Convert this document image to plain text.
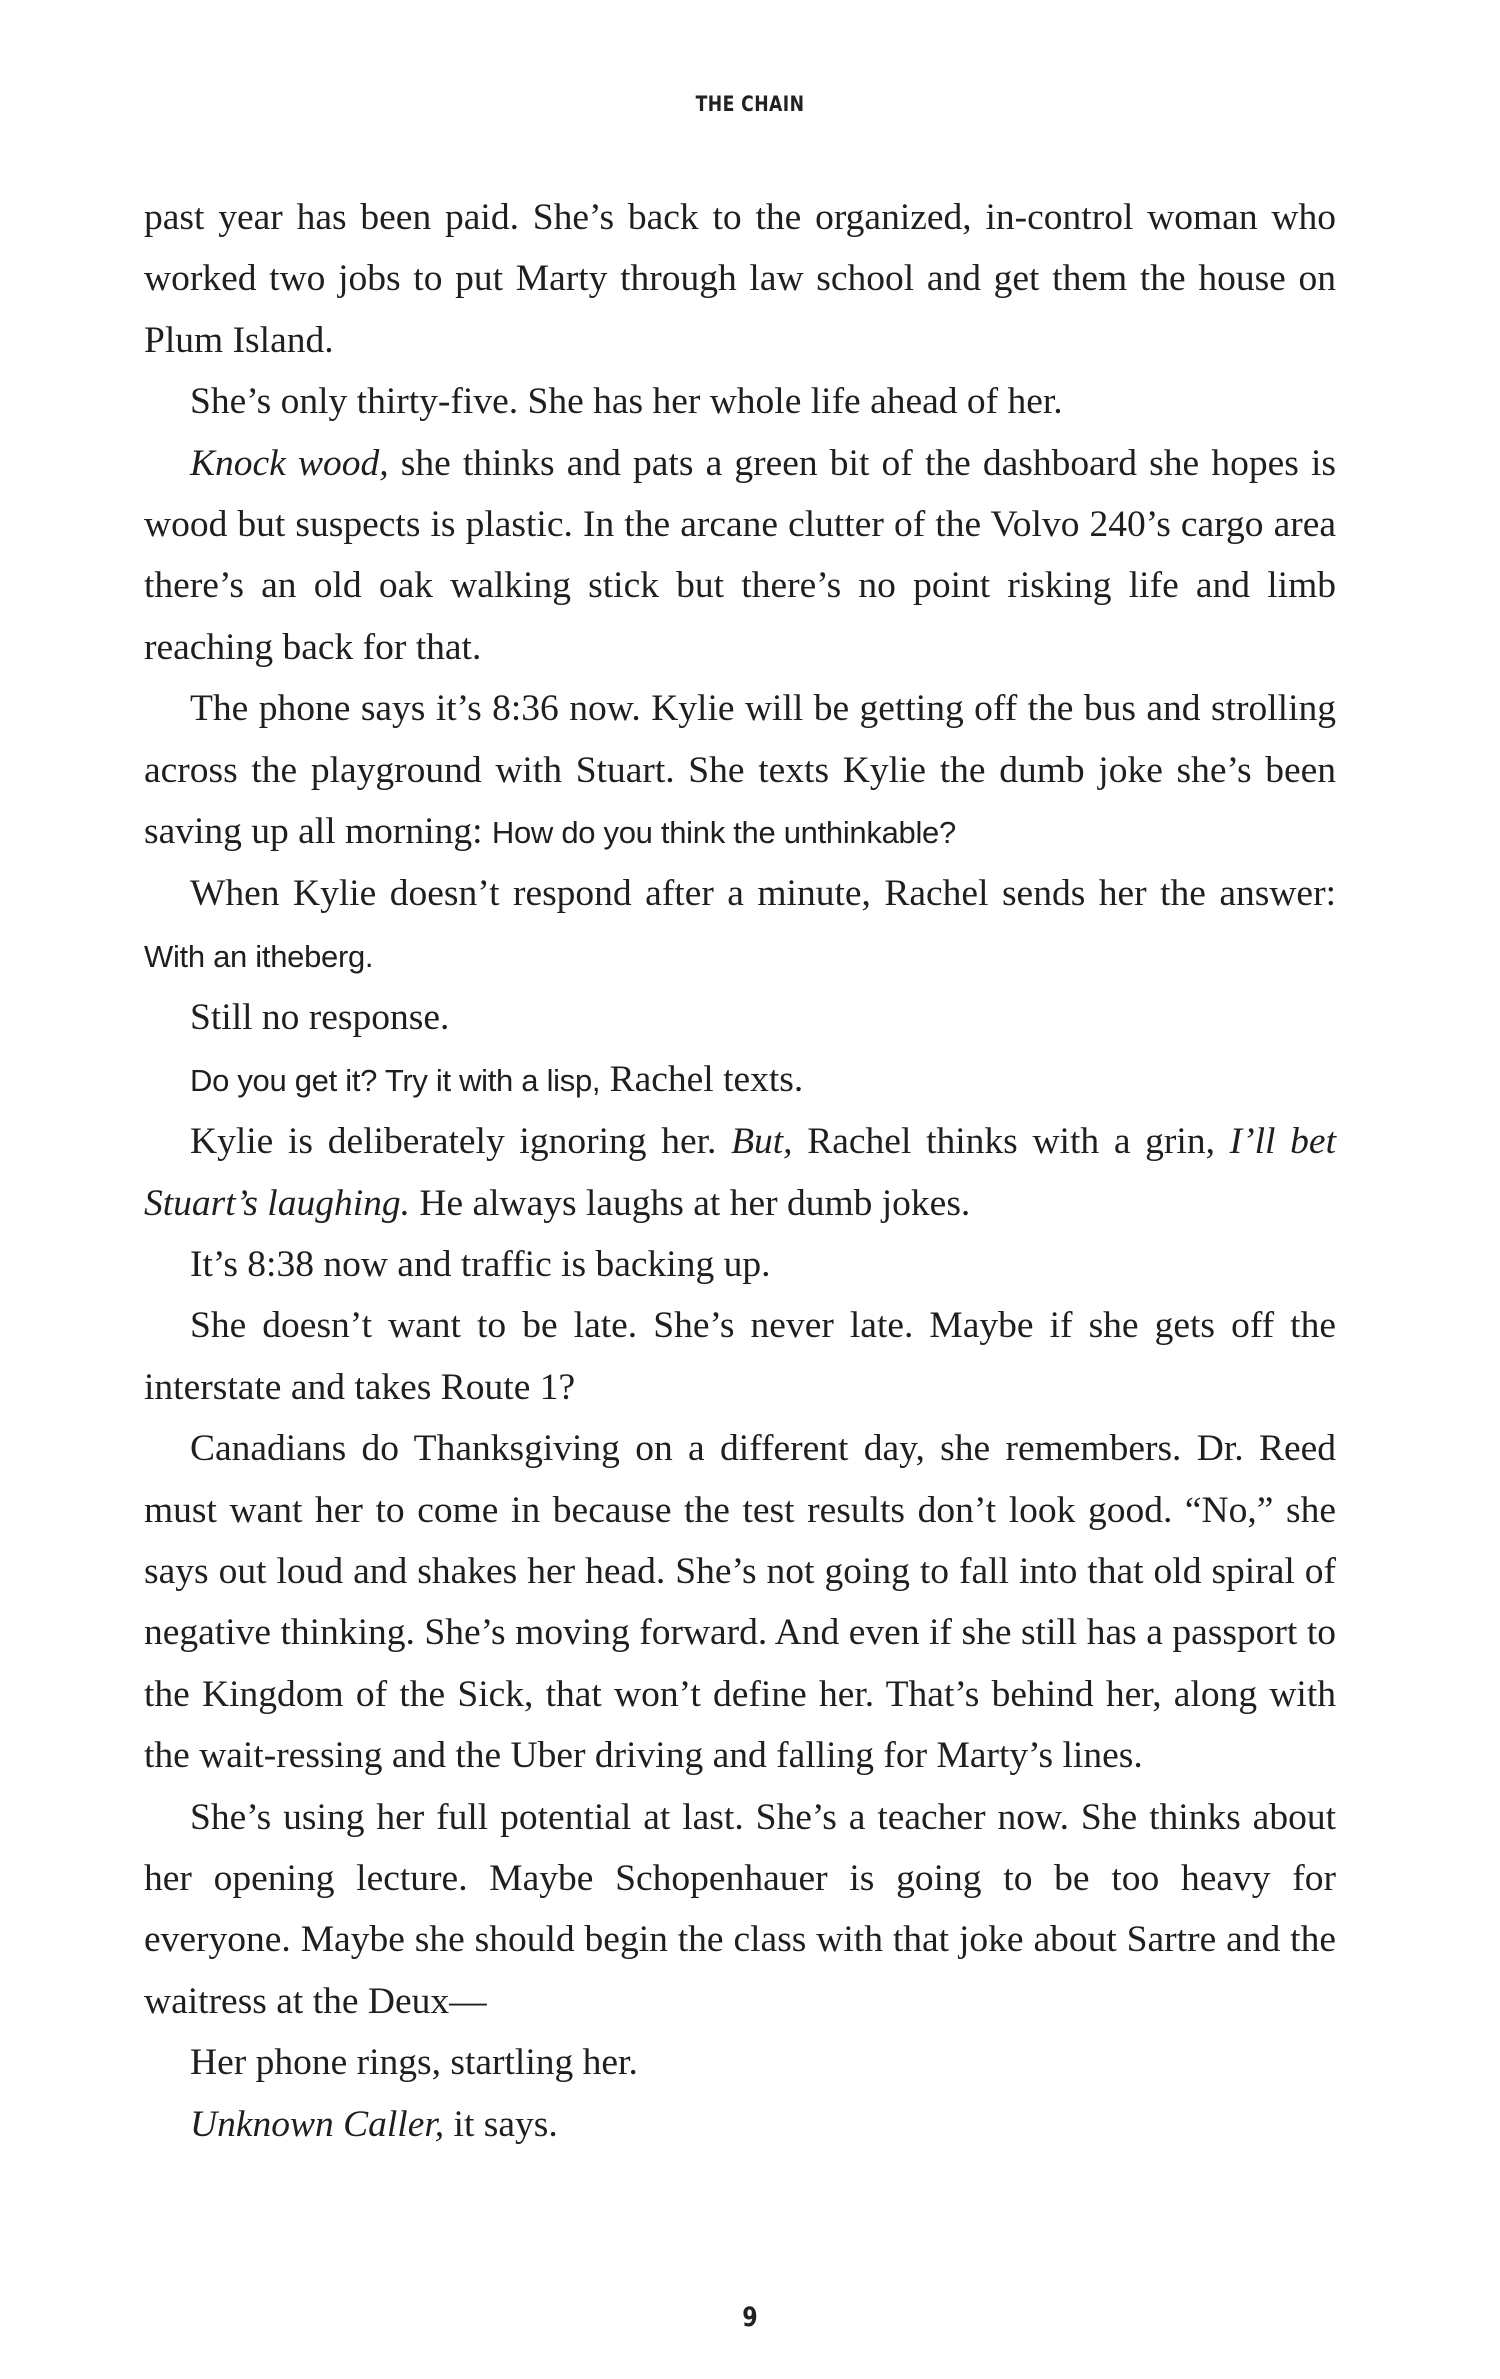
THE CHAIN

past year has been paid. She’s back to the organized, in-control woman who worked two jobs to put Marty through law school and get them the house on Plum Island.

She’s only thirty-five. She has her whole life ahead of her.

Knock wood, she thinks and pats a green bit of the dashboard she hopes is wood but suspects is plastic. In the arcane clutter of the Volvo 240’s cargo area there’s an old oak walking stick but there’s no point risking life and limb reaching back for that.

The phone says it’s 8:36 now. Kylie will be getting off the bus and strolling across the playground with Stuart. She texts Kylie the dumb joke she’s been saving up all morning: How do you think the unthinkable?

When Kylie doesn’t respond after a minute, Rachel sends her the answer: With an itheberg.

Still no response.

Do you get it? Try it with a lisp, Rachel texts.

Kylie is deliberately ignoring her. But, Rachel thinks with a grin, I’ll bet Stuart’s laughing. He always laughs at her dumb jokes.

It’s 8:38 now and traffic is backing up.

She doesn’t want to be late. She’s never late. Maybe if she gets off the interstate and takes Route 1?

Canadians do Thanksgiving on a different day, she remembers. Dr. Reed must want her to come in because the test results don’t look good. “No,” she says out loud and shakes her head. She’s not going to fall into that old spiral of negative thinking. She’s moving forward. And even if she still has a passport to the Kingdom of the Sick, that won’t define her. That’s behind her, along with the wait-ressing and the Uber driving and falling for Marty’s lines.

She’s using her full potential at last. She’s a teacher now. She thinks about her opening lecture. Maybe Schopenhauer is going to be too heavy for everyone. Maybe she should begin the class with that joke about Sartre and the waitress at the Deux—

Her phone rings, startling her.

Unknown Caller, it says.

9
